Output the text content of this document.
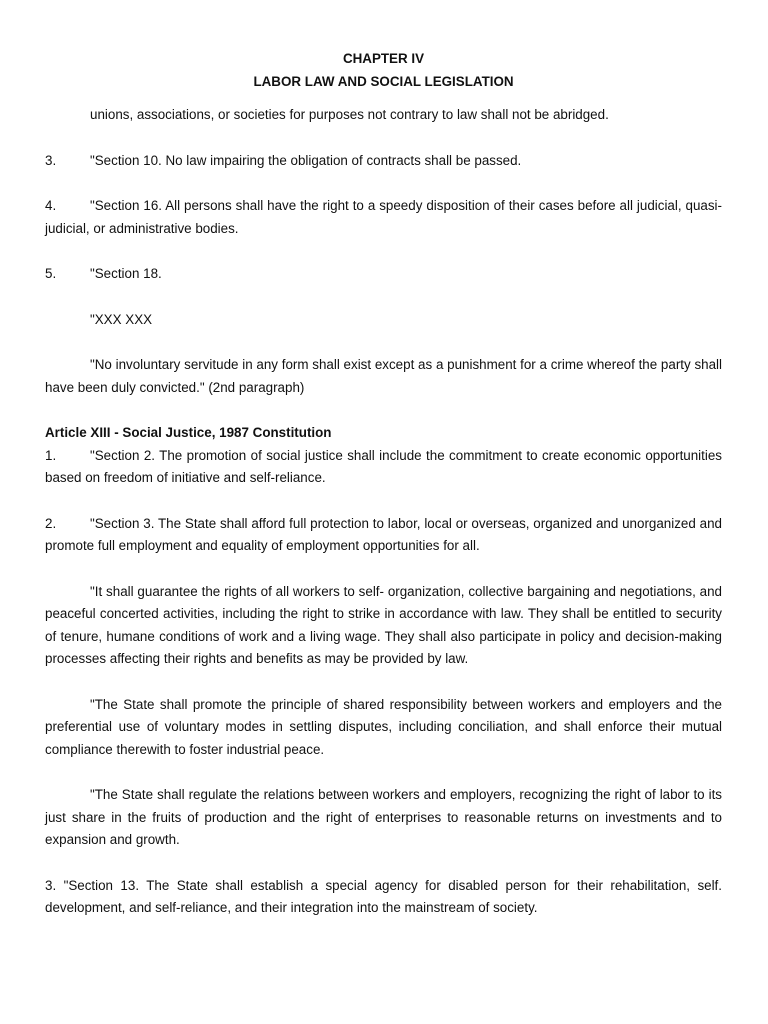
CHAPTER IV

LABOR LAW AND SOCIAL LEGISLATION

unions, associations, or societies for purposes not contrary to law shall not be abridged.

3.	"Section 10. No law impairing the obligation of contracts shall be passed.

4.	"Section 16. All persons shall have the right to a speedy disposition of their cases before all judicial, quasi- judicial, or administrative bodies.

5.	"Section 18.

"XXX XXX

"No involuntary servitude in any form shall exist except as a punishment for a crime whereof the party shall have been duly convicted." (2nd paragraph)

Article XIII - Social Justice, 1987 Constitution

1.	"Section 2. The promotion of social justice shall include the commitment to create economic opportunities based on freedom of initiative and self-reliance.

2.	"Section 3. The State shall afford full protection to labor, local or overseas, organized and unorganized and promote full employment and equality of employment opportunities for all.

"It shall guarantee the rights of all workers to self- organization, collective bargaining and negotiations, and peaceful concerted activities, including the right to strike in accordance with law. They shall be entitled to security of tenure, humane conditions of work and a living wage. They shall also participate in policy and decision-making processes affecting their rights and benefits as may be provided by law.

"The State shall promote the principle of shared responsibility between workers and employers and the preferential use of voluntary modes in settling disputes, including conciliation, and shall enforce their mutual compliance therewith to foster industrial peace.

"The State shall regulate the relations between workers and employers, recognizing the right of labor to its just share in the fruits of production and the right of enterprises to reasonable returns on investments and to expansion and growth.

3. "Section 13. The State shall establish a special agency for disabled person for their rehabilitation, self. development, and self-reliance, and their integration into the mainstream of society.
